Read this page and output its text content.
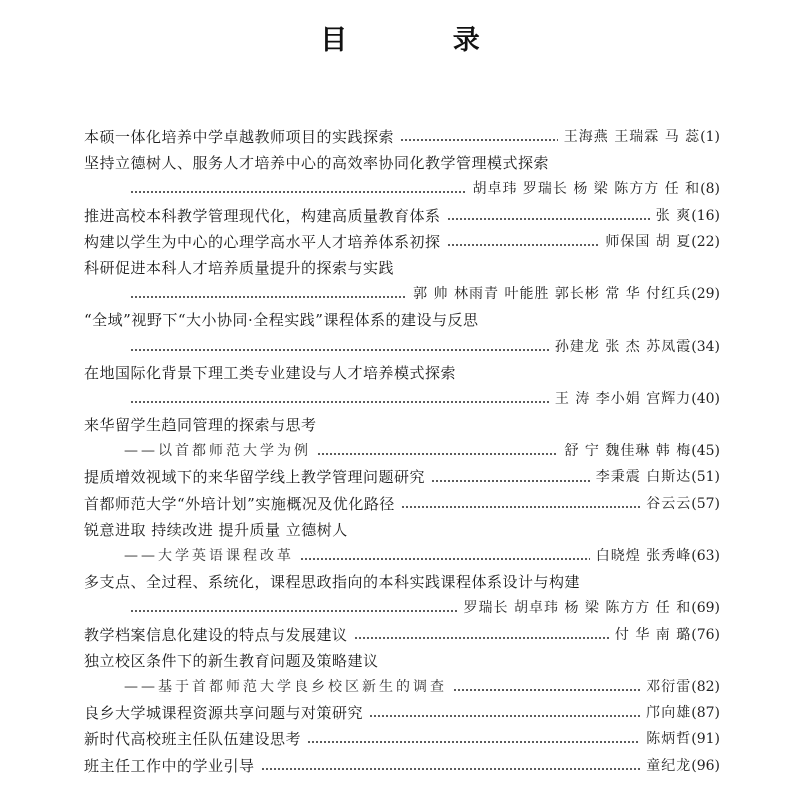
目 录
本硕一体化培养中学卓越教师项目的实践探索	王海燕 王瑞霖 马 蕊 (1)
坚持立德树人、服务人才培养中心的高效率协同化教学管理模式探索
胡卓玮 罗瑞长 杨 梁 陈方方 任 和 (8)
推进高校本科教学管理现代化，构建高质量教育体系	张 爽 (16)
构建以学生为中心的心理学高水平人才培养体系初探	师保国 胡 夏 (22)
科研促进本科人才培养质量提升的探索与实践
郭 帅 林雨青 叶能胜 郭长彬 常 华 付红兵 (29)
“全域”视野下“大小协同·全程实践”课程体系的建设与反思
孙建龙 张 杰 苏凤霞 (34)
在地国际化背景下理工类专业建设与人才培养模式探索
王 涛 李小娟 宫辉力 (40)
来华留学生趋同管理的探索与思考
——以首都师范大学为例	舒 宁 魏佳琳 韩 梅 (45)
提质增效视域下的来华留学线上教学管理问题研究	李秉震 白斯达 (51)
首都师范大学“外培计划”实施概况及优化路径	谷云云 (57)
锐意进取 持续改进 提升质量 立德树人
——大学英语课程改革	白晓煌 张秀峰 (63)
多支点、全过程、系统化，课程思政指向的本科实践课程体系设计与构建
罗瑞长 胡卓玮 杨 梁 陈方方 任 和 (69)
教学档案信息化建设的特点与发展建议	付 华 南 璐 (76)
独立校区条件下的新生教育问题及策略建议
——基于首都师范大学良乡校区新生的调查	邓衍雷 (82)
良乡大学城课程资源共享问题与对策研究	邝向雄 (87)
新时代高校班主任队伍建设思考	陈炳哲 (91)
班主任工作中的学业引导	童纪龙 (96)
